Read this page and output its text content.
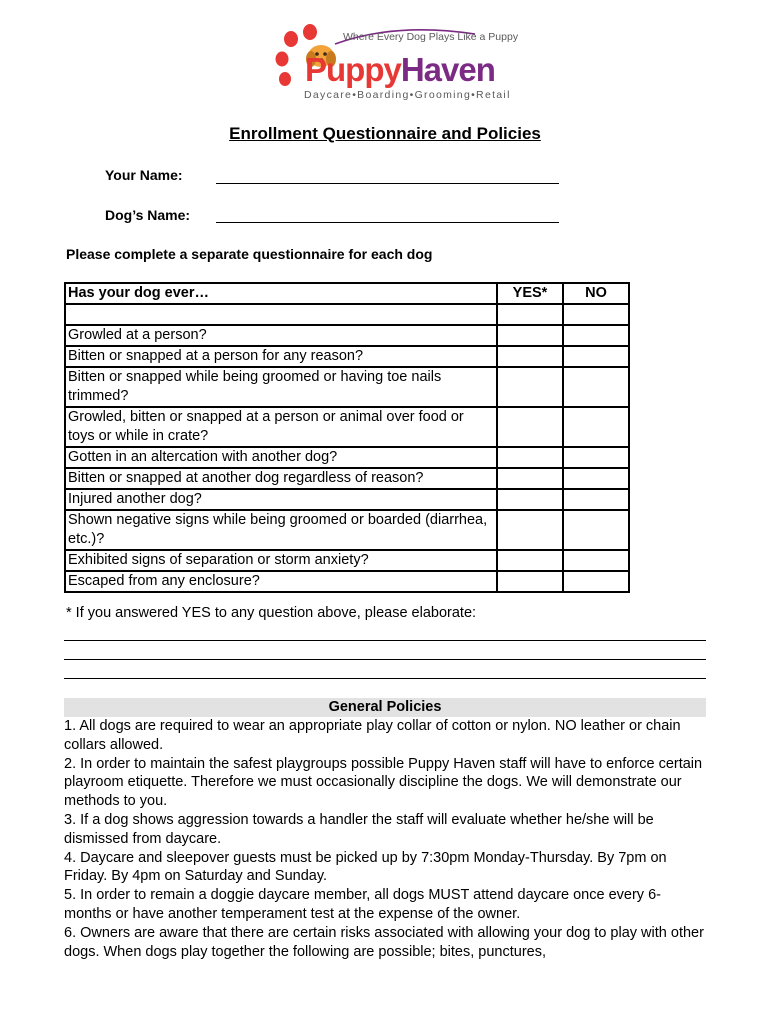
Where Every Dog Plays Like a Puppy
PuppyHaven
Daycare•Boarding•Grooming•Retail
Enrollment Questionnaire and Policies
Your Name:
Dog’s Name:
Please complete a separate questionnaire for each dog
Has your dog ever…	YES*	NO

Growled at a person?		
Bitten or snapped at a person for any reason?		
Bitten or snapped while being groomed or having toe nails trimmed?		
Growled, bitten or snapped at a person or animal over food or toys or while in crate?		
Gotten in an altercation with another dog?		
Bitten or snapped at another dog regardless of reason?		
Injured another dog?		
Shown negative signs while being groomed or boarded (diarrhea, etc.)?		
Exhibited signs of separation or storm anxiety?		
Escaped from any enclosure?		
* If you answered YES to any question above, please elaborate:
General Policies

1. All dogs are required to wear an appropriate play collar of cotton or nylon. NO leather or chain collars allowed.

2. In order to maintain the safest playgroups possible Puppy Haven staff will have to enforce certain playroom etiquette. Therefore we must occasionally discipline the dogs. We will demonstrate our methods to you.

3. If a dog shows aggression towards a handler the staff will evaluate whether he/she will be dismissed from daycare.

4. Daycare and sleepover guests must be picked up by 7:30pm Monday-Thursday. By 7pm on Friday. By 4pm on Saturday and Sunday.

5. In order to remain a doggie daycare member, all dogs MUST attend daycare once every 6-months or have another temperament test at the expense of the owner.

6. Owners are aware that there are certain risks associated with allowing your dog to play with other dogs. When dogs play together the following are possible; bites, punctures,
